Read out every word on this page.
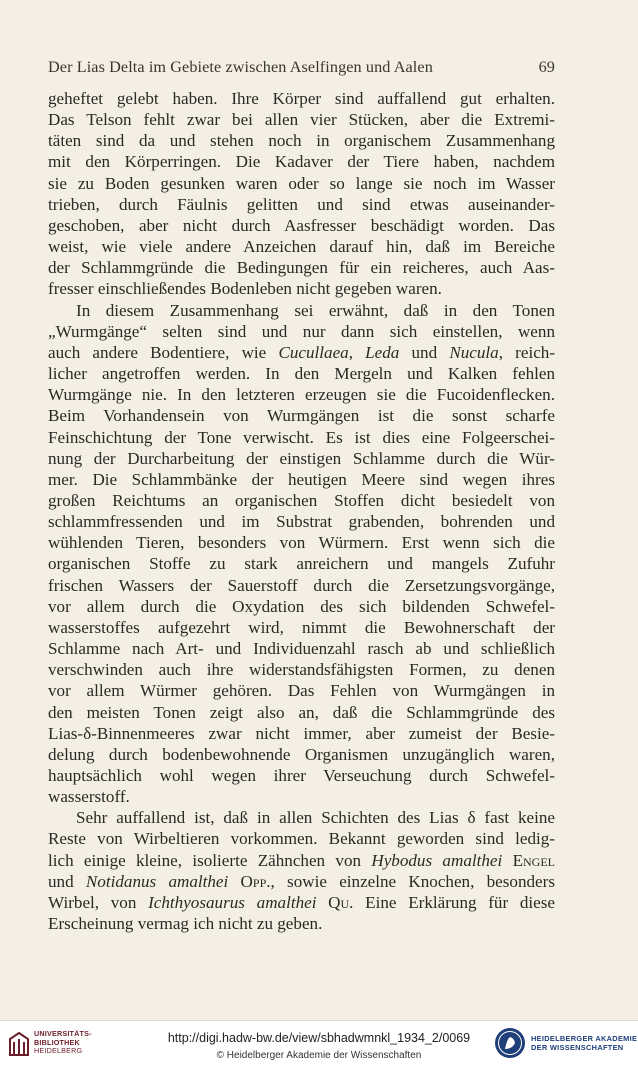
Der Lias Delta im Gebiete zwischen Aselfingen und Aalen	69

geheftet gelebt haben. Ihre Körper sind auffallend gut erhalten.
Das Telson fehlt zwar bei allen vier Stücken, aber die Extremi-
täten sind da und stehen noch in organischem Zusammenhang
mit den Körperringen. Die Kadaver der Tiere haben, nachdem
sie zu Boden gesunken waren oder so lange sie noch im Wasser
trieben, durch Fäulnis gelitten und sind etwas auseinander-
geschoben, aber nicht durch Aasfresser beschädigt worden. Das
weist, wie viele andere Anzeichen darauf hin, daß im Bereiche
der Schlammgründe die Bedingungen für ein reicheres, auch Aas-
fresser einschließendes Bodenleben nicht gegeben waren.

In diesem Zusammenhang sei erwähnt, daß in den Tonen
„Wurmgänge“ selten sind und nur dann sich einstellen, wenn
auch andere Bodentiere, wie Cucullaea, Leda und Nucula, reich-
licher angetroffen werden. In den Mergeln und Kalken fehlen
Wurmgänge nie. In den letzteren erzeugen sie die Fucoidenflecken.
Beim Vorhandensein von Wurmgängen ist die sonst scharfe
Feinschichtung der Tone verwischt. Es ist dies eine Folgeerschei-
nung der Durcharbeitung der einstigen Schlamme durch die Wür-
mer. Die Schlammbänke der heutigen Meere sind wegen ihres
großen Reichtums an organischen Stoffen dicht besiedelt von
schlammfressenden und im Substrat grabenden, bohrenden und
wühlenden Tieren, besonders von Würmern. Erst wenn sich die
organischen Stoffe zu stark anreichern und mangels Zufuhr
frischen Wassers der Sauerstoff durch die Zersetzungsvorgänge,
vor allem durch die Oxydation des sich bildenden Schwefel-
wasserstoffes aufgezehrt wird, nimmt die Bewohnerschaft der
Schlamme nach Art- und Individuenzahl rasch ab und schließlich
verschwinden auch ihre widerstandsfähigsten Formen, zu denen
vor allem Würmer gehören. Das Fehlen von Wurmgängen in
den meisten Tonen zeigt also an, daß die Schlammgründe des
Lias-δ-Binnenmeeres zwar nicht immer, aber zumeist der Besie-
delung durch bodenbewohnende Organismen unzugänglich waren,
hauptsächlich wohl wegen ihrer Verseuchung durch Schwefel-
wasserstoff.

Sehr auffallend ist, daß in allen Schichten des Lias δ fast keine
Reste von Wirbeltieren vorkommen. Bekannt geworden sind ledig-
lich einige kleine, isolierte Zähnchen von Hybodus amalthei Engel
und Notidanus amalthei Opp., sowie einzelne Knochen, besonders
Wirbel, von Ichthyosaurus amalthei Qu. Eine Erklärung für diese
Erscheinung vermag ich nicht zu geben.

UNIVERSITÄTS-
BIBLIOTHEK
HEIDELBERG
http://digi.hadw-bw.de/view/sbhadwmnkl_1934_2/0069
© Heidelberger Akademie der Wissenschaften
HEIDELBERGER AKADEMIE
DER WISSENSCHAFTEN
